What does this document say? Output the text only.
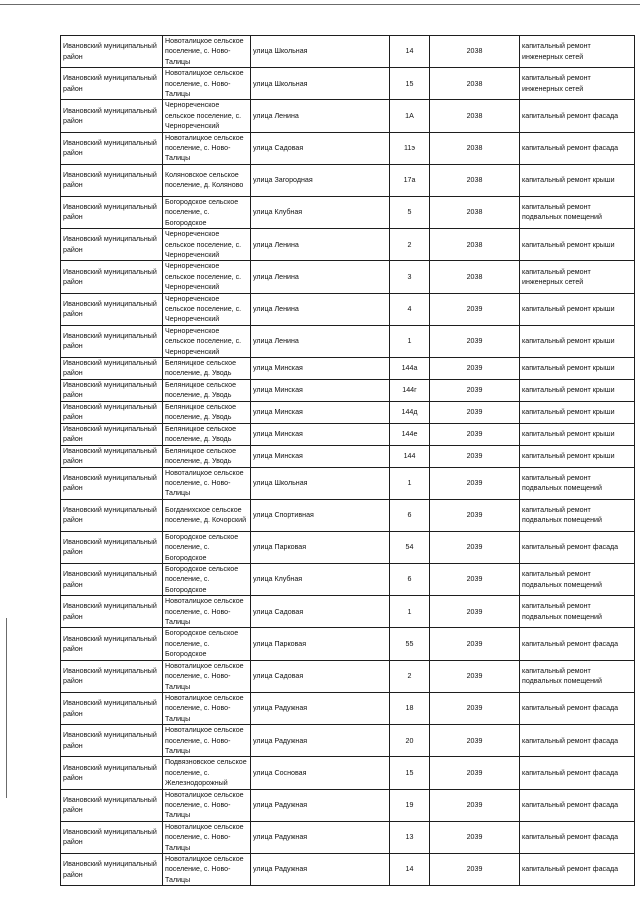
Ивановский муниципальный район	Новоталицкое сельское поселение, с. Ново-Талицы	улица Школьная	14	2038	капитальный ремонт инженерных сетей
Ивановский муниципальный район	Новоталицкое сельское поселение, с. Ново-Талицы	улица Школьная	15	2038	капитальный ремонт инженерных сетей
Ивановский муниципальный район	Чернореченское сельское поселение, с. Чернореченский	улица Ленина	1А	2038	капитальный ремонт фасада
Ивановский муниципальный район	Новоталицкое сельское поселение, с. Ново-Талицы	улица Садовая	11э	2038	капитальный ремонт фасада
Ивановский муниципальный район	Коляновское сельское поселение, д. Коляново	улица Загородная	17а	2038	капитальный ремонт крыши
Ивановский муниципальный район	Богородское сельское поселение, с. Богородское	улица Клубная	5	2038	капитальный ремонт подвальных помещений
Ивановский муниципальный район	Чернореченское сельское поселение, с. Чернореченский	улица Ленина	2	2038	капитальный ремонт крыши
Ивановский муниципальный район	Чернореченское сельское поселение, с. Чернореченский	улица Ленина	3	2038	капитальный ремонт инженерных сетей
Ивановский муниципальный район	Чернореченское сельское поселение, с. Чернореченский	улица Ленина	4	2039	капитальный ремонт крыши
Ивановский муниципальный район	Чернореченское сельское поселение, с. Чернореченский	улица Ленина	1	2039	капитальный ремонт крыши
Ивановский муниципальный район	Беляницкое сельское поселение, д. Уводь	улица Минская	144а	2039	капитальный ремонт крыши
Ивановский муниципальный район	Беляницкое сельское поселение, д. Уводь	улица Минская	144г	2039	капитальный ремонт крыши
Ивановский муниципальный район	Беляницкое сельское поселение, д. Уводь	улица Минская	144д	2039	капитальный ремонт крыши
Ивановский муниципальный район	Беляницкое сельское поселение, д. Уводь	улица Минская	144е	2039	капитальный ремонт крыши
Ивановский муниципальный район	Беляницкое сельское поселение, д. Уводь	улица Минская	144	2039	капитальный ремонт крыши
Ивановский муниципальный район	Новоталицкое сельское поселение, с. Ново-Талицы	улица Школьная	1	2039	капитальный ремонт подвальных помещений
Ивановский муниципальный район	Богданихское сельское поселение, д. Кочорский	улица Спортивная	6	2039	капитальный ремонт подвальных помещений
Ивановский муниципальный район	Богородское сельское поселение, с. Богородское	улица Парковая	54	2039	капитальный ремонт фасада
Ивановский муниципальный район	Богородское сельское поселение, с. Богородское	улица Клубная	6	2039	капитальный ремонт подвальных помещений
Ивановский муниципальный район	Новоталицкое сельское поселение, с. Ново-Талицы	улица Садовая	1	2039	капитальный ремонт подвальных помещений
Ивановский муниципальный район	Богородское сельское поселение, с. Богородское	улица Парковая	55	2039	капитальный ремонт фасада
Ивановский муниципальный район	Новоталицкое сельское поселение, с. Ново-Талицы	улица Садовая	2	2039	капитальный ремонт подвальных помещений
Ивановский муниципальный район	Новоталицкое сельское поселение, с. Ново-Талицы	улица Радужная	18	2039	капитальный ремонт фасада
Ивановский муниципальный район	Новоталицкое сельское поселение, с. Ново-Талицы	улица Радужная	20	2039	капитальный ремонт фасада
Ивановский муниципальный район	Подвязновское сельское поселение, с. Железнодорожный	улица Сосновая	15	2039	капитальный ремонт фасада
Ивановский муниципальный район	Новоталицкое сельское поселение, с. Ново-Талицы	улица Радужная	19	2039	капитальный ремонт фасада
Ивановский муниципальный район	Новоталицкое сельское поселение, с. Ново-Талицы	улица Радужная	13	2039	капитальный ремонт фасада
Ивановский муниципальный район	Новоталицкое сельское поселение, с. Ново-Талицы	улица Радужная	14	2039	капитальный ремонт фасада
